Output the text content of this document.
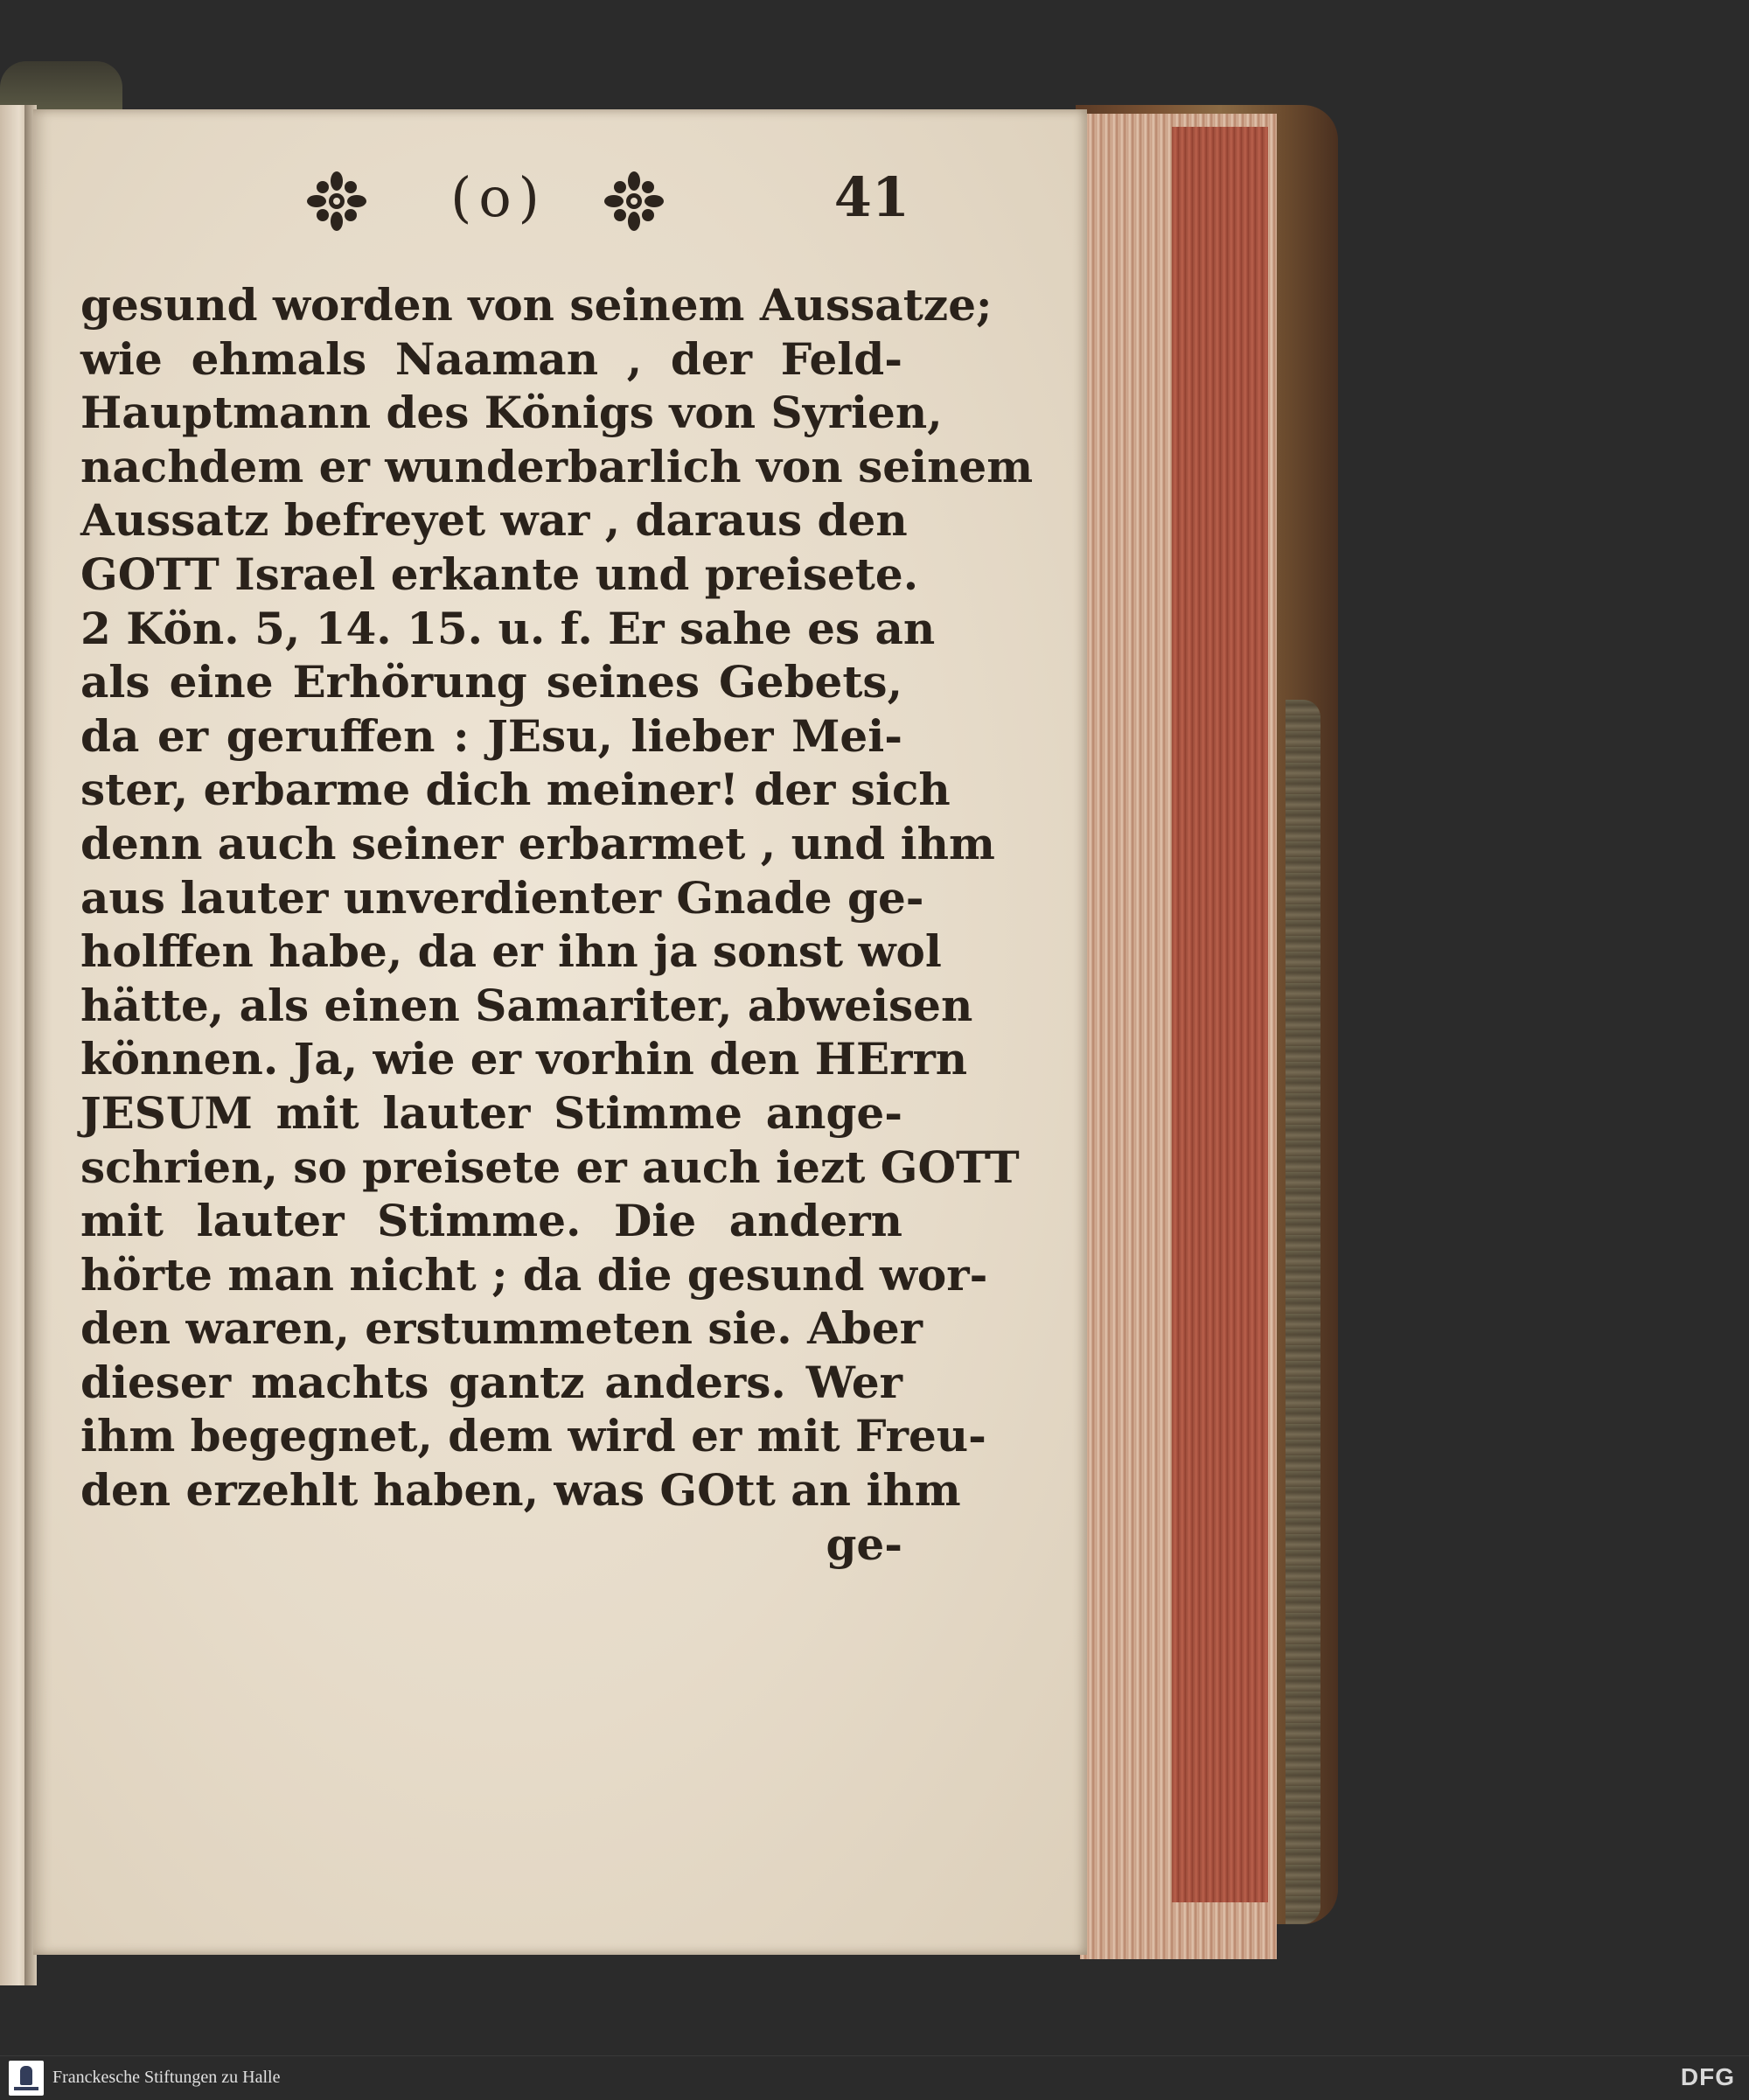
(o)	41
gesund worden von seinem Aussatze;
wie ehmals Naaman , der Feld-
Hauptmann des Königs von Syrien,
nachdem er wunderbarlich von seinem
Aussatz befreyet war , daraus den
GOTT Israel erkante und preisete.
2 Kön. 5, 14. 15. u. f. Er sahe es an
als eine Erhörung seines Gebets,
da er geruffen : JEsu, lieber Mei-
ster, erbarme dich meiner! der sich
denn auch seiner erbarmet , und ihm
aus lauter unverdienter Gnade ge-
holffen habe, da er ihn ja sonst wol
hätte, als einen Samariter, abweisen
können. Ja, wie er vorhin den HErrn
JESUM mit lauter Stimme ange-
schrien, so preisete er auch iezt GOTT
mit lauter Stimme. Die andern
hörte man nicht ; da die gesund wor-
den waren, erstummeten sie. Aber
dieser machts gantz anders. Wer
ihm begegnet, dem wird er mit Freu-
den erzehlt haben, was GOtt an ihm
ge-
Franckesche Stiftungen zu Halle	DFG
